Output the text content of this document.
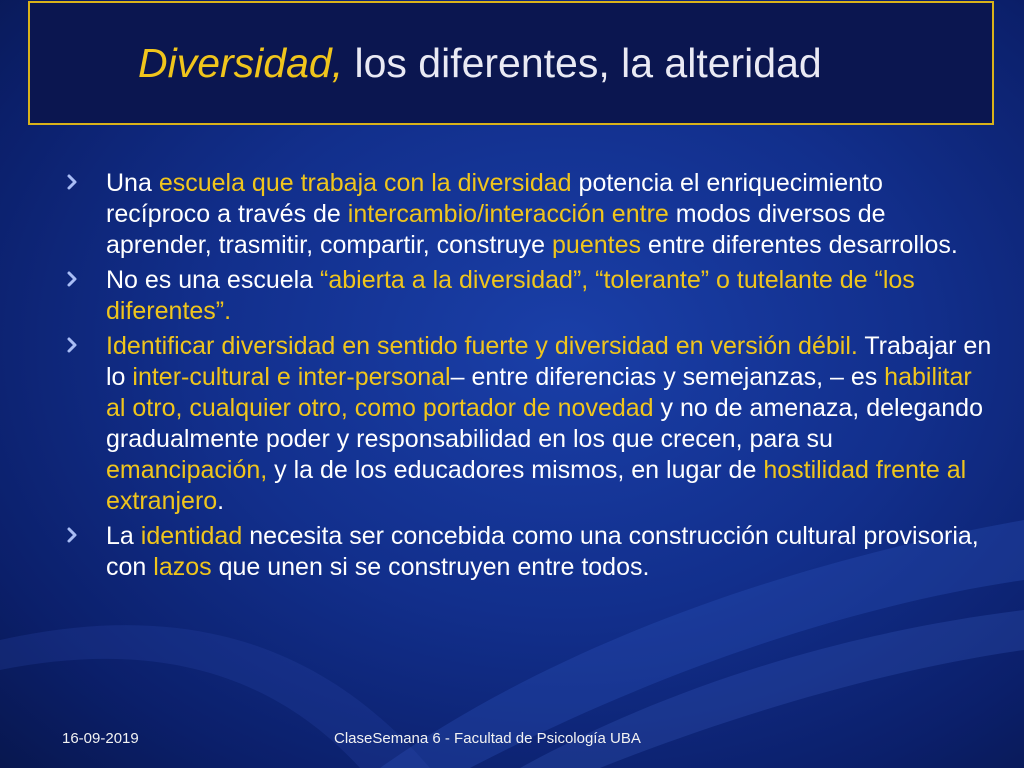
Diversidad, los diferentes, la alteridad
Una escuela que trabaja con la diversidad potencia el enriquecimiento recíproco a través de intercambio/interacción entre modos diversos de aprender, trasmitir, compartir, construye puentes entre diferentes desarrollos.
No es una escuela “abierta a la diversidad”, “tolerante” o tutelante de “los diferentes”.
Identificar diversidad en sentido fuerte y diversidad en versión débil. Trabajar en lo inter-cultural e inter-personal– entre diferencias y semejanzas, – es habilitar al otro, cualquier otro, como portador de novedad y no de amenaza, delegando gradualmente poder y responsabilidad en los que crecen, para su emancipación, y la de los educadores mismos, en lugar de hostilidad frente al extranjero.
La identidad necesita ser concebida como una construcción cultural provisoria, con lazos que unen si se construyen entre todos.
16-09-2019	ClaseSemana 6 - Facultad de Psicología UBA
